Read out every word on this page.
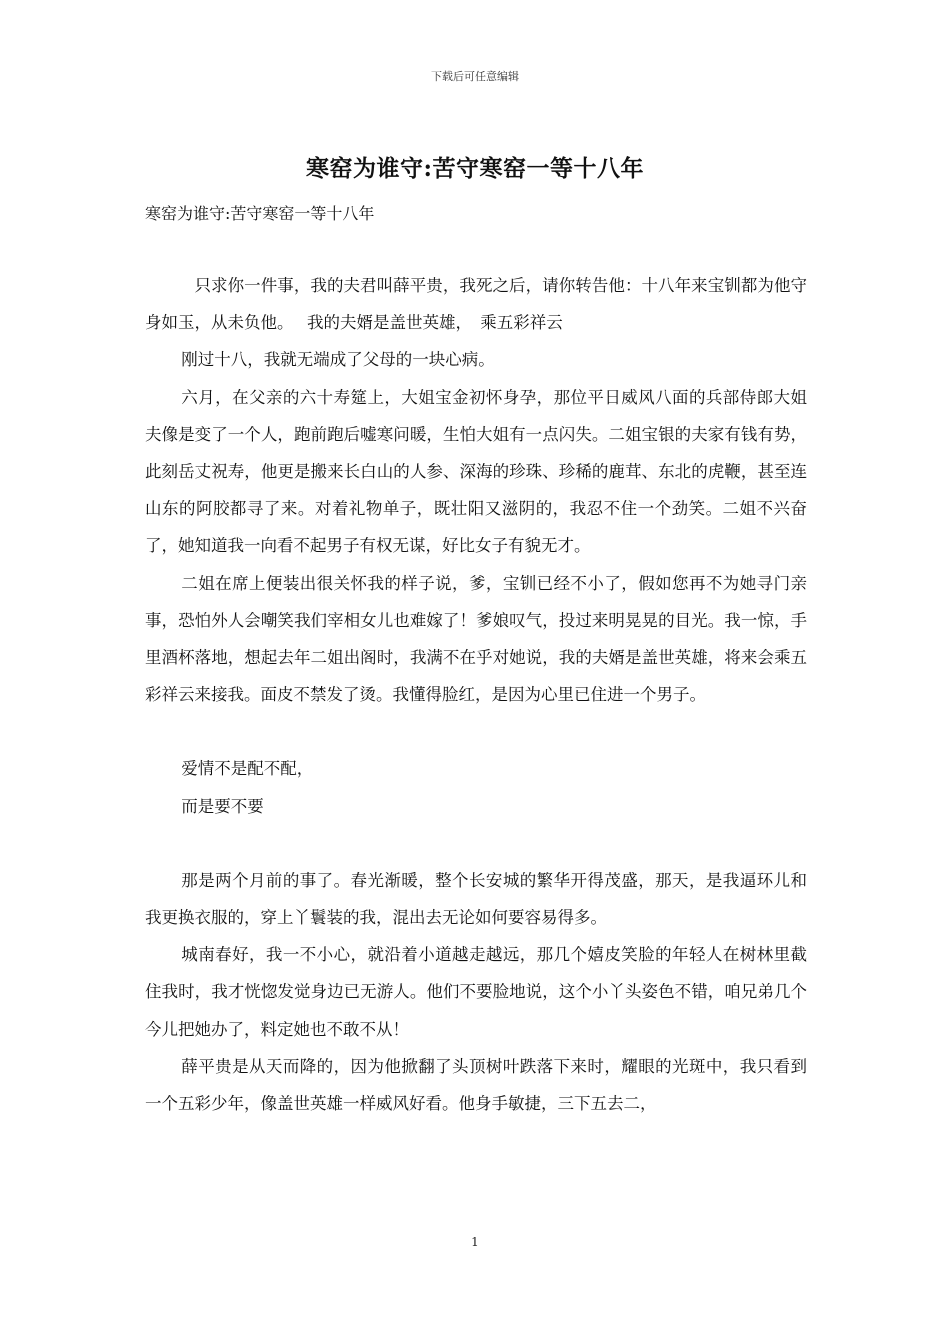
下载后可任意编辑
寒窑为谁守:苦守寒窑一等十八年

寒窑为谁守:苦守寒窑一等十八年

只求你一件事，我的夫君叫薛平贵，我死之后，请你转告他：十八年来宝钏都为他守身如玉，从未负他。　 我的夫婿是盖世英雄，　乘五彩祥云

刚过十八，我就无端成了父母的一块心病。

六月，在父亲的六十寿筵上，大姐宝金初怀身孕，那位平日威风八面的兵部侍郎大姐夫像是变了一个人，跑前跑后嘘寒问暖，生怕大姐有一点闪失。二姐宝银的夫家有钱有势，此刻岳丈祝寿，他更是搬来长白山的人参、深海的珍珠、珍稀的鹿茸、东北的虎鞭，甚至连山东的阿胶都寻了来。对着礼物单子，既壮阳又滋阴的，我忍不住一个劲笑。二姐不兴奋了，她知道我一向看不起男子有权无谋，好比女子有貌无才。

二姐在席上便装出很关怀我的样子说，爹，宝钏已经不小了，假如您再不为她寻门亲事，恐怕外人会嘲笑我们宰相女儿也难嫁了！爹娘叹气，投过来明晃晃的目光。我一惊，手里酒杯落地，想起去年二姐出阁时，我满不在乎对她说，我的夫婿是盖世英雄，将来会乘五彩祥云来接我。面皮不禁发了烫。我懂得脸红，是因为心里已住进一个男子。

爱情不是配不配，

而是要不要

那是两个月前的事了。春光渐暖，整个长安城的繁华开得茂盛，那天，是我逼环儿和我更换衣服的，穿上丫鬟装的我，混出去无论如何要容易得多。

城南春好，我一不小心，就沿着小道越走越远，那几个嬉皮笑脸的年轻人在树林里截住我时，我才恍惚发觉身边已无游人。他们不要脸地说，这个小丫头姿色不错，咱兄弟几个今儿把她办了，料定她也不敢不从！

薛平贵是从天而降的，因为他掀翻了头顶树叶跌落下来时，耀眼的光斑中，我只看到一个五彩少年，像盖世英雄一样威风好看。他身手敏捷，三下五去二，

1
